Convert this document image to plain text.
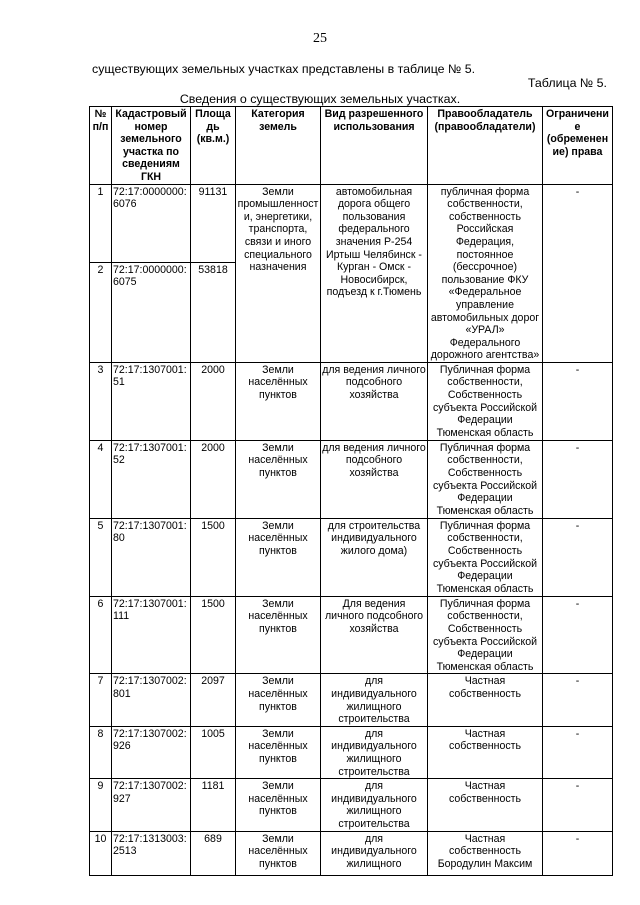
25
существующих земельных участках представлены в таблице № 5.
Таблица № 5.
Сведения о существующих земельных участках.
№ п/п	Кадастровый номер земельного участка по сведениям ГКН	Площадь (кв.м.)	Категория земель	Вид разрешенного использования	Правообладатель (правообладатели)	Ограничение (обременение) права
1	72:17:0000000:6076	91131	Земли промышленности, энергетики, транспорта, связи и иного специального назначения	автомобильная дорога общего пользования федерального значения Р-254 Иртыш Челябинск - Курган - Омск - Новосибирск, подъезд к г.Тюмень	публичная форма собственности, собственность Российская Федерация, постоянное (бессрочное) пользование ФКУ «Федеральное управление автомобильных дорог «УРАЛ» Федерального дорожного агентства»	-
2	72:17:0000000:6075	53818				
3	72:17:1307001:51	2000	Земли населённых пунктов	для ведения личного подсобного хозяйства	Публичная форма собственности, Собственность субъекта Российской Федерации Тюменская область	-
4	72:17:1307001:52	2000	Земли населённых пунктов	для ведения личного подсобного хозяйства	Публичная форма собственности, Собственность субъекта Российской Федерации Тюменская область	-
5	72:17:1307001:80	1500	Земли населённых пунктов	для строительства индивидуального жилого дома)	Публичная форма собственности, Собственность субъекта Российской Федерации Тюменская область	-
6	72:17:1307001:111	1500	Земли населённых пунктов	Для ведения личного подсобного хозяйства	Публичная форма собственности, Собственность субъекта Российской Федерации Тюменская область	-
7	72:17:1307002:801	2097	Земли населённых пунктов	для индивидуального жилищного строительства	Частная собственность	-
8	72:17:1307002:926	1005	Земли населённых пунктов	для индивидуального жилищного строительства	Частная собственность	-
9	72:17:1307002:927	1181	Земли населённых пунктов	для индивидуального жилищного строительства	Частная собственность	-
10	72:17:1313003:2513	689	Земли населённых пунктов	для индивидуального жилищного	Частная собственность Бородулин Максим	-
